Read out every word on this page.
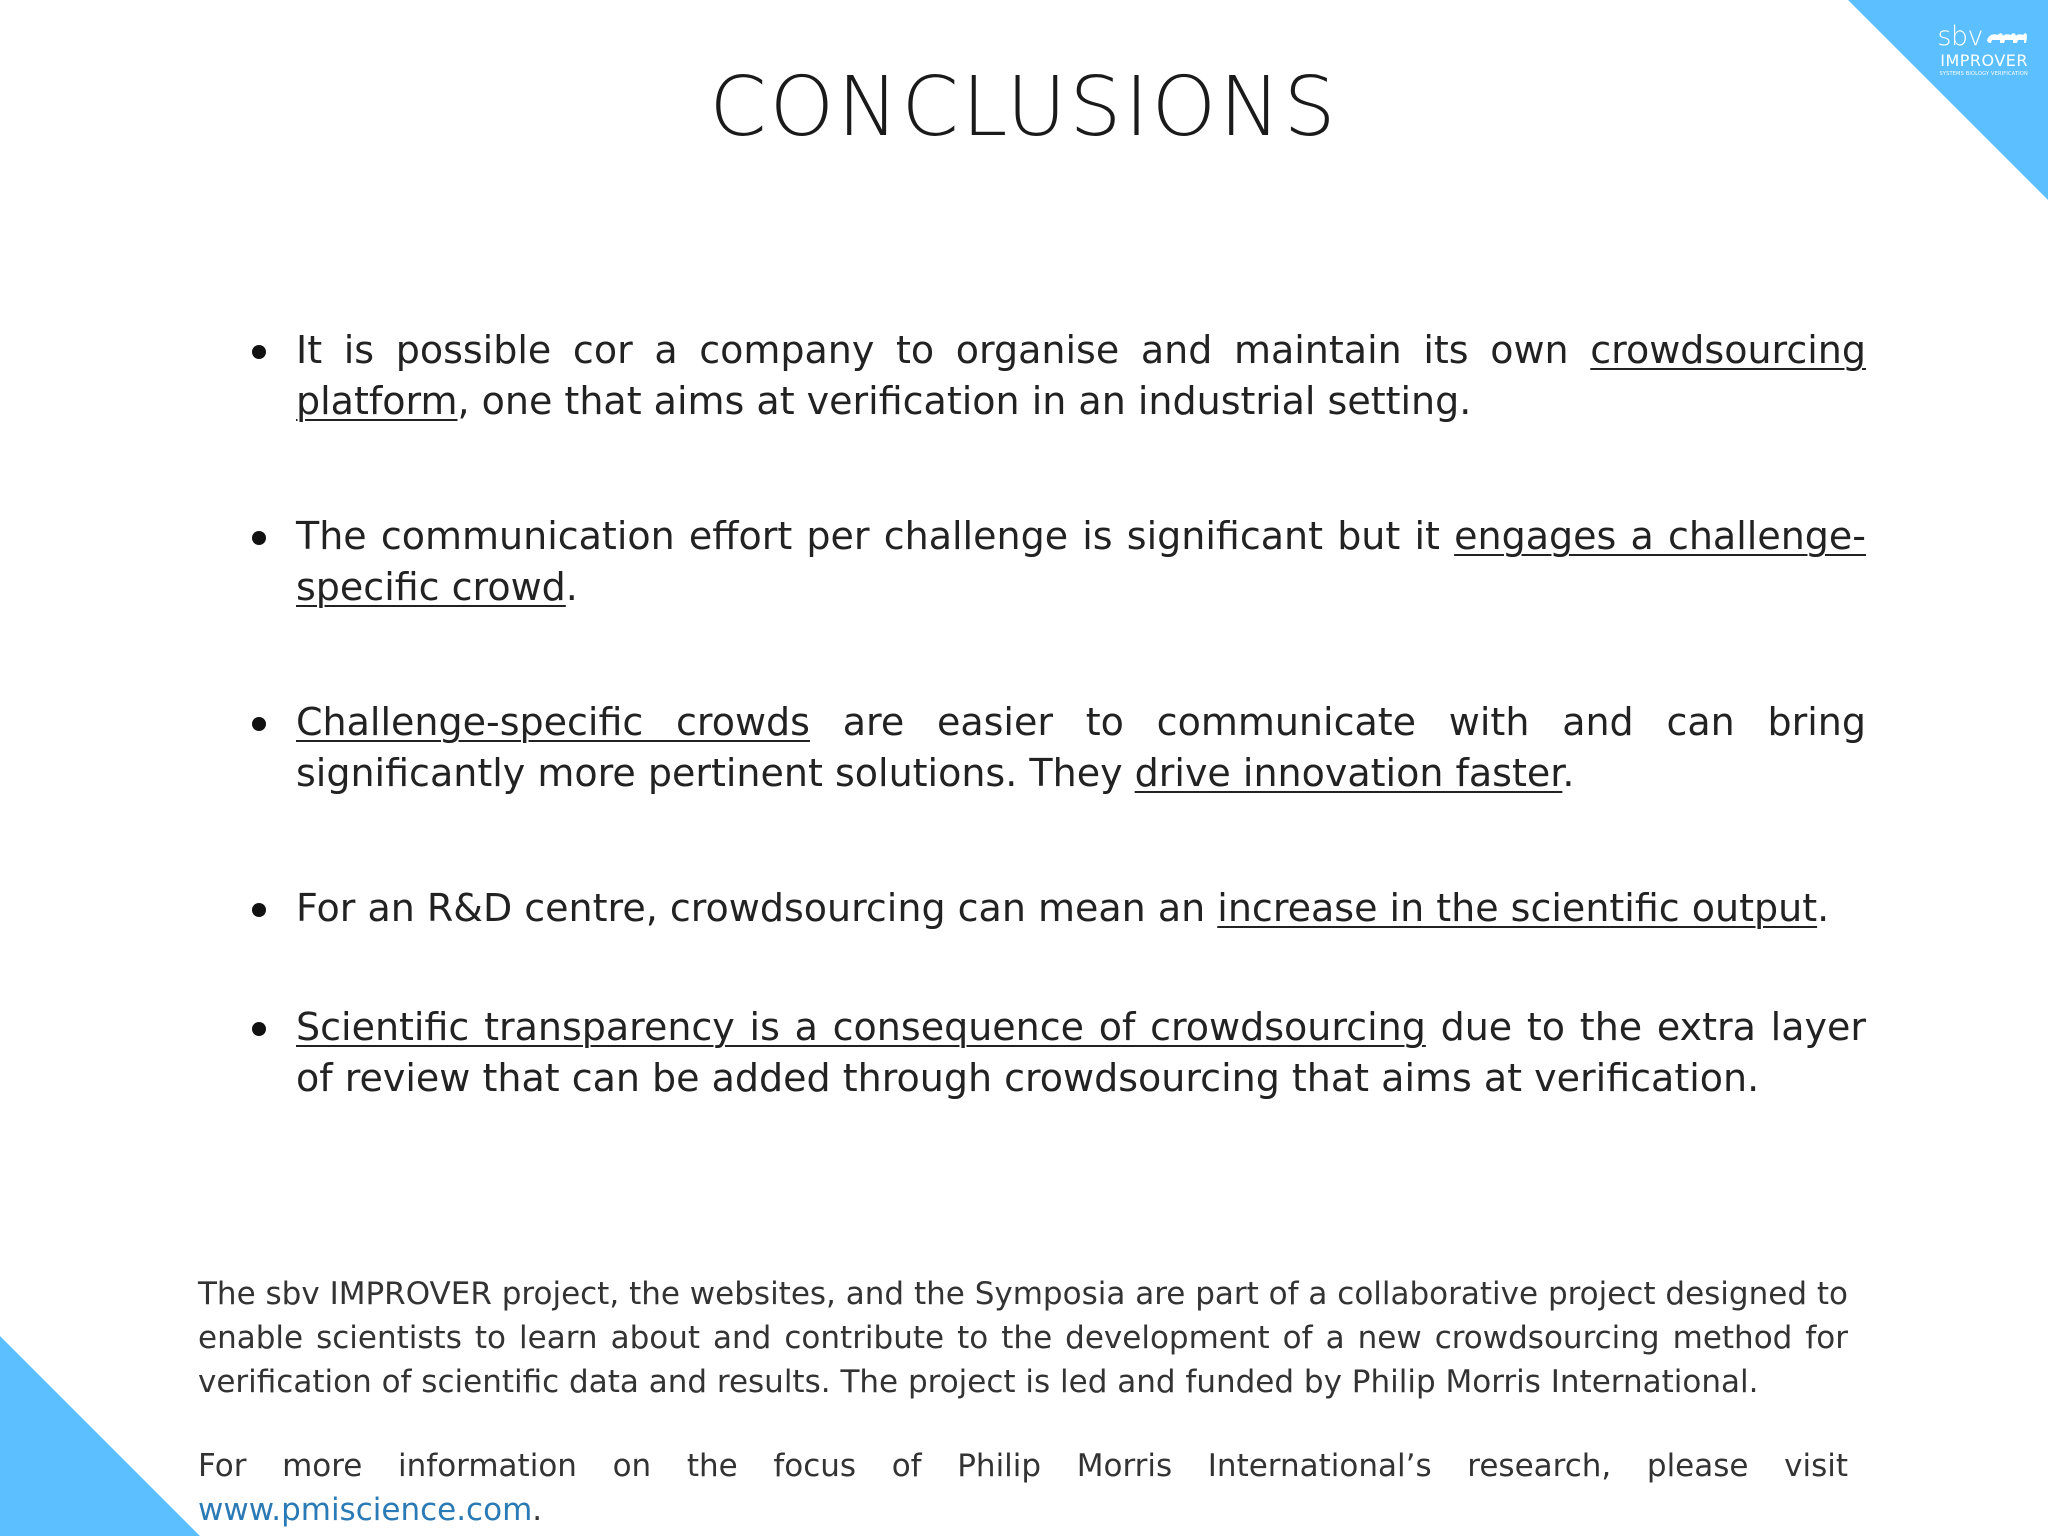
sbv
IMPROVER
SYSTEMS BIOLOGY VERIFICATION
CONCLUSIONS
It is possible cor a company to organise and maintain its own crowdsourcing platform, one that aims at verification in an industrial setting.
The communication effort per challenge is significant but it engages a challenge-specific crowd.
Challenge-specific crowds are easier to communicate with and can bring significantly more pertinent solutions. They drive innovation faster.
For an R&D centre, crowdsourcing can mean an increase in the scientific output.
Scientific transparency is a consequence of crowdsourcing due to the extra layer of review that can be added through crowdsourcing that aims at verification.

The sbv IMPROVER project, the websites, and the Symposia are part of a collaborative project designed to enable scientists to learn about and contribute to the development of a new crowdsourcing method for verification of scientific data and results. The project is led and funded by Philip Morris International.

For more information on the focus of Philip Morris International’s research, please visit www.pmiscience.com.
